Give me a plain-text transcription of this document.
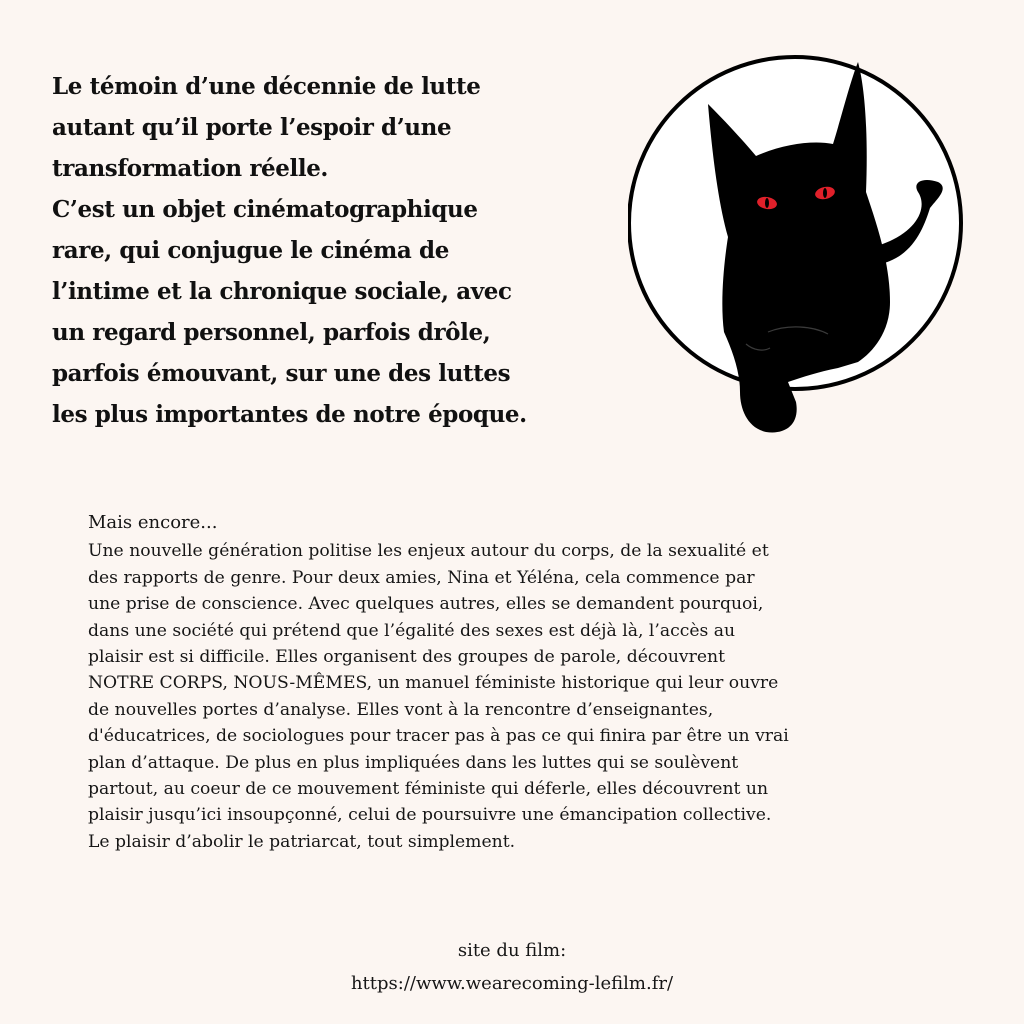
Le témoin d’une décennie de lutte
autant qu’il porte l’espoir d’une
transformation réelle.
C’est un objet cinématographique
rare, qui conjugue le cinéma de
l’intime et la chronique sociale, avec
un regard personnel, parfois drôle,
parfois émouvant, sur une des luttes
les plus importantes de notre époque.
Mais encore...
Une nouvelle génération politise les enjeux autour du corps, de la sexualité et
des rapports de genre. Pour deux amies, Nina et Yéléna, cela commence par
une prise de conscience. Avec quelques autres, elles se demandent pourquoi,
dans une société qui prétend que l’égalité des sexes est déjà là, l’accès au
plaisir est si difficile. Elles organisent des groupes de parole, découvrent
NOTRE CORPS, NOUS-MÊMES, un manuel féministe historique qui leur ouvre
de nouvelles portes d’analyse. Elles vont à la rencontre d’enseignantes,
d'éducatrices, de sociologues pour tracer pas à pas ce qui finira par être un vrai
plan d’attaque. De plus en plus impliquées dans les luttes qui se soulèvent
partout, au coeur de ce mouvement féministe qui déferle, elles découvrent un
plaisir jusqu’ici insoupçonné, celui de poursuivre une émancipation collective.
Le plaisir d’abolir le patriarcat, tout simplement.
site du film:
https://www.wearecoming-lefilm.fr/
